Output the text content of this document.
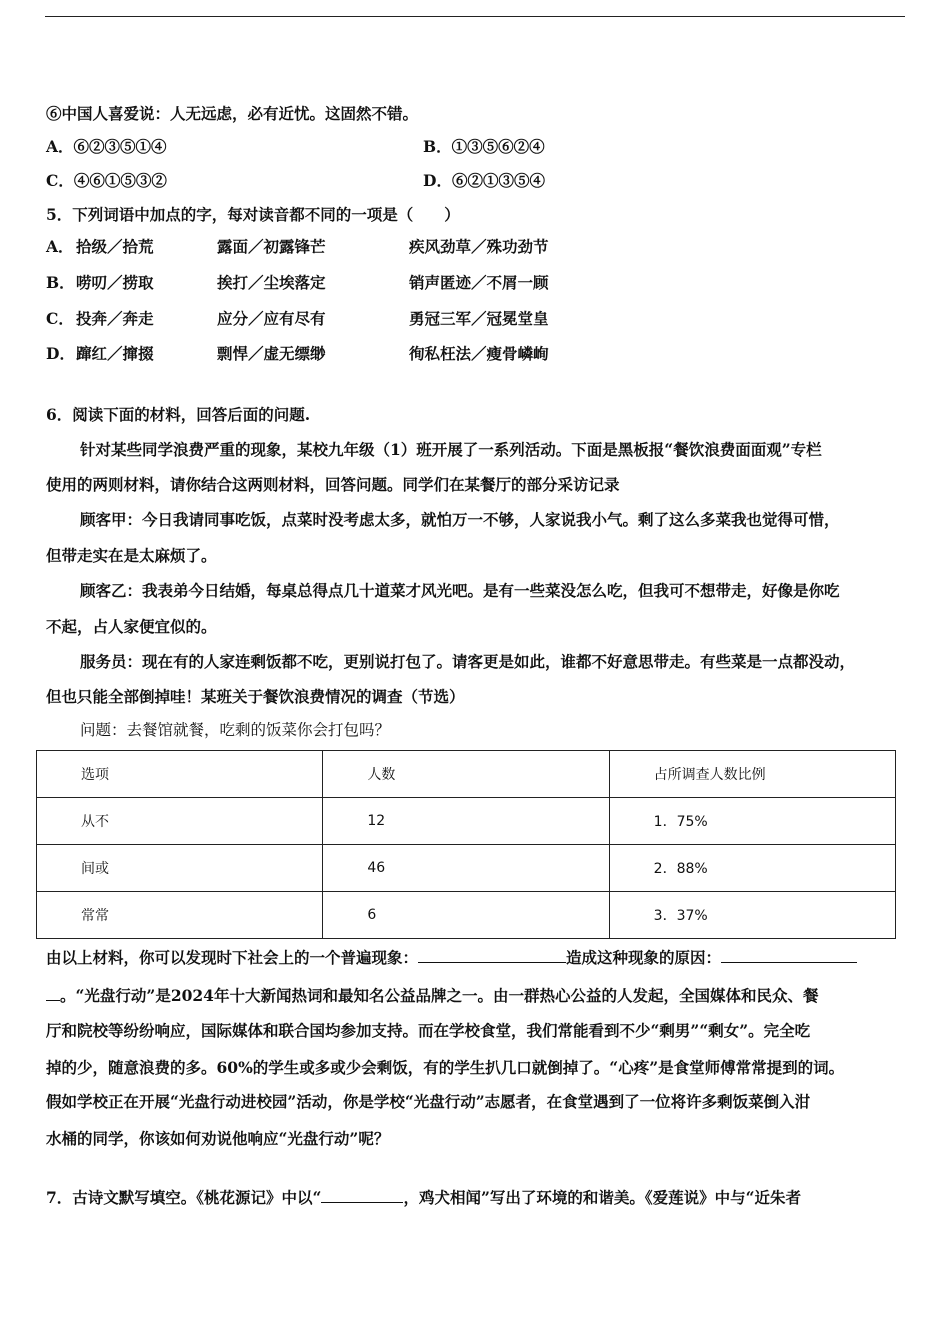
⑥中国人喜爱说：人无远虑，必有近忧。这固然不错。
A．⑥②③⑤①④	B．①③⑤⑥②④
C．④⑥①⑤③②	D．⑥②①③⑤④
5．下列词语中加点的字，每对读音都不同的一项是（　　）
A． 拾级／拾荒	露面／初露锋芒	疾风劲草／殊功劲节
B． 唠叨／捞取	挨打／尘埃落定	销声匿迹／不屑一顾
C． 投奔／奔走	应分／应有尽有	勇冠三军／冠冕堂皇
D． 蹿红／撺掇	剽悍／虚无缥缈	徇私枉法／瘦骨嶙峋
6．阅读下面的材料，回答后面的问题.
针对某些同学浪费严重的现象，某校九年级（1）班开展了一系列活动。下面是黑板报“餐饮浪费面面观”专栏
使用的两则材料，请你结合这两则材料，回答问题。同学们在某餐厅的部分采访记录
顾客甲：今日我请同事吃饭，点菜时没考虑太多，就怕万一不够，人家说我小气。剩了这么多菜我也觉得可惜，
但带走实在是太麻烦了。
顾客乙：我表弟今日结婚，每桌总得点几十道菜才风光吧。是有一些菜没怎么吃，但我可不想带走，好像是你吃
不起，占人家便宜似的。
服务员：现在有的人家连剩饭都不吃，更别说打包了。请客更是如此，谁都不好意思带走。有些菜是一点都没动，
但也只能全部倒掉哇！某班关于餐饮浪费情况的调查（节选）
问题：去餐馆就餐，吃剩的饭菜你会打包吗？
选项	人数	占所调查人数比例
从不	12	1．75%
间或	46	2．88%
常常	6	3．37%
由以上材料，你可以发现时下社会上的一个普遍现象：	造成这种现象的原因：
。“光盘行动”是2024年十大新闻热词和最知名公益品牌之一。由一群热心公益的人发起，全国媒体和民众、餐
厅和院校等纷纷响应，国际媒体和联合国均参加支持。而在学校食堂，我们常能看到不少“剩男”“剩女”。完全吃
掉的少，随意浪费的多。60%的学生或多或少会剩饭，有的学生扒几口就倒掉了。“心疼”是食堂师傅常常提到的词。
假如学校正在开展“光盘行动进校园”活动，你是学校“光盘行动”志愿者，在食堂遇到了一位将许多剩饭菜倒入泔
水桶的同学，你该如何劝说他响应“光盘行动”呢？
7．古诗文默写填空。《桃花源记》中以“	，鸡犬相闻”写出了环境的和谐美。《爱莲说》中与“近朱者
